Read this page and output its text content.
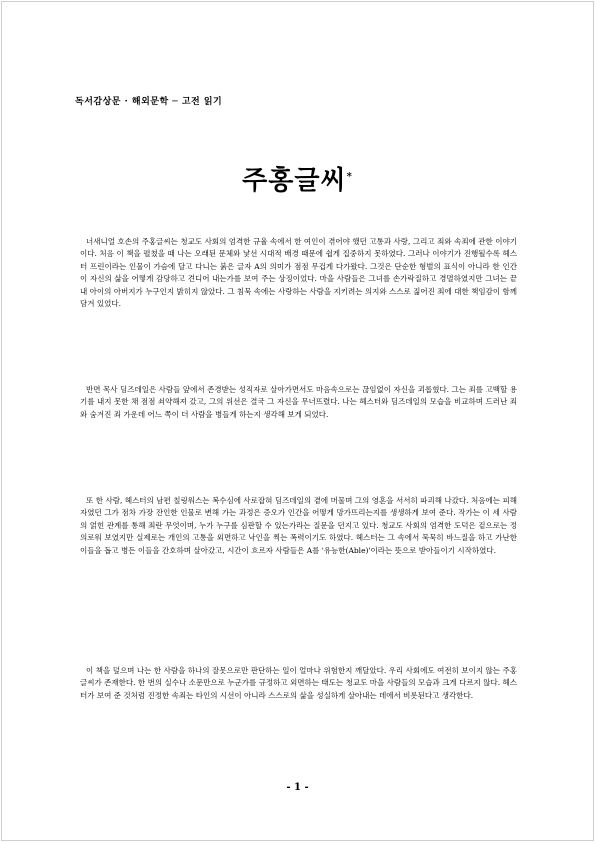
독서감상문 · 해외문학 ─ 고전 읽기
주홍글씨*

너새니얼 호손의 주홍글씨는 청교도 사회의 엄격한 규율 속에서 한 여인이 겪어야 했던 고통과 사랑, 그리고 죄와 속죄에 관한 이야기이다. 처음 이 책을 펼쳤을 때 나는 오래된 문체와 낯선 시대적 배경 때문에 쉽게 집중하지 못하였다. 그러나 이야기가 진행될수록 헤스터 프린이라는 인물이 가슴에 달고 다니는 붉은 글자 A의 의미가 점점 무겁게 다가왔다. 그것은 단순한 형벌의 표식이 아니라 한 인간이 자신의 삶을 어떻게 감당하고 견디어 내는가를 보여 주는 상징이었다. 마을 사람들은 그녀를 손가락질하고 경멸하였지만 그녀는 끝내 아이의 아버지가 누구인지 밝히지 않았다. 그 침묵 속에는 사랑하는 사람을 지키려는 의지와 스스로 짊어진 죄에 대한 책임감이 함께 담겨 있었다.

반면 목사 딤즈데일은 사람들 앞에서 존경받는 성직자로 살아가면서도 마음속으로는 끊임없이 자신을 괴롭혔다. 그는 죄를 고백할 용기를 내지 못한 채 점점 쇠약해져 갔고, 그의 위선은 결국 그 자신을 무너뜨렸다. 나는 헤스터와 딤즈데일의 모습을 비교하며 드러난 죄와 숨겨진 죄 가운데 어느 쪽이 더 사람을 병들게 하는지 생각해 보게 되었다.

또 한 사람, 헤스터의 남편 칠링워스는 복수심에 사로잡혀 딤즈데일의 곁에 머물며 그의 영혼을 서서히 파괴해 나갔다. 처음에는 피해자였던 그가 점차 가장 잔인한 인물로 변해 가는 과정은 증오가 인간을 어떻게 망가뜨리는지를 생생하게 보여 준다. 작가는 이 세 사람의 얽힌 관계를 통해 죄란 무엇이며, 누가 누구를 심판할 수 있는가라는 질문을 던지고 있다. 청교도 사회의 엄격한 도덕은 겉으로는 정의로워 보였지만 실제로는 개인의 고통을 외면하고 낙인을 찍는 폭력이기도 하였다. 헤스터는 그 속에서 묵묵히 바느질을 하고 가난한 이들을 돕고 병든 이들을 간호하며 살아갔고, 시간이 흐르자 사람들은 A를 '유능한(Able)'이라는 뜻으로 받아들이기 시작하였다.

이 책을 덮으며 나는 한 사람을 하나의 잘못으로만 판단하는 일이 얼마나 위험한지 깨달았다. 우리 사회에도 여전히 보이지 않는 주홍글씨가 존재한다. 한 번의 실수나 소문만으로 누군가를 규정하고 외면하는 태도는 청교도 마을 사람들의 모습과 크게 다르지 않다. 헤스터가 보여 준 것처럼 진정한 속죄는 타인의 시선이 아니라 스스로의 삶을 성실하게 살아내는 데에서 비롯된다고 생각한다.

- 1 -
